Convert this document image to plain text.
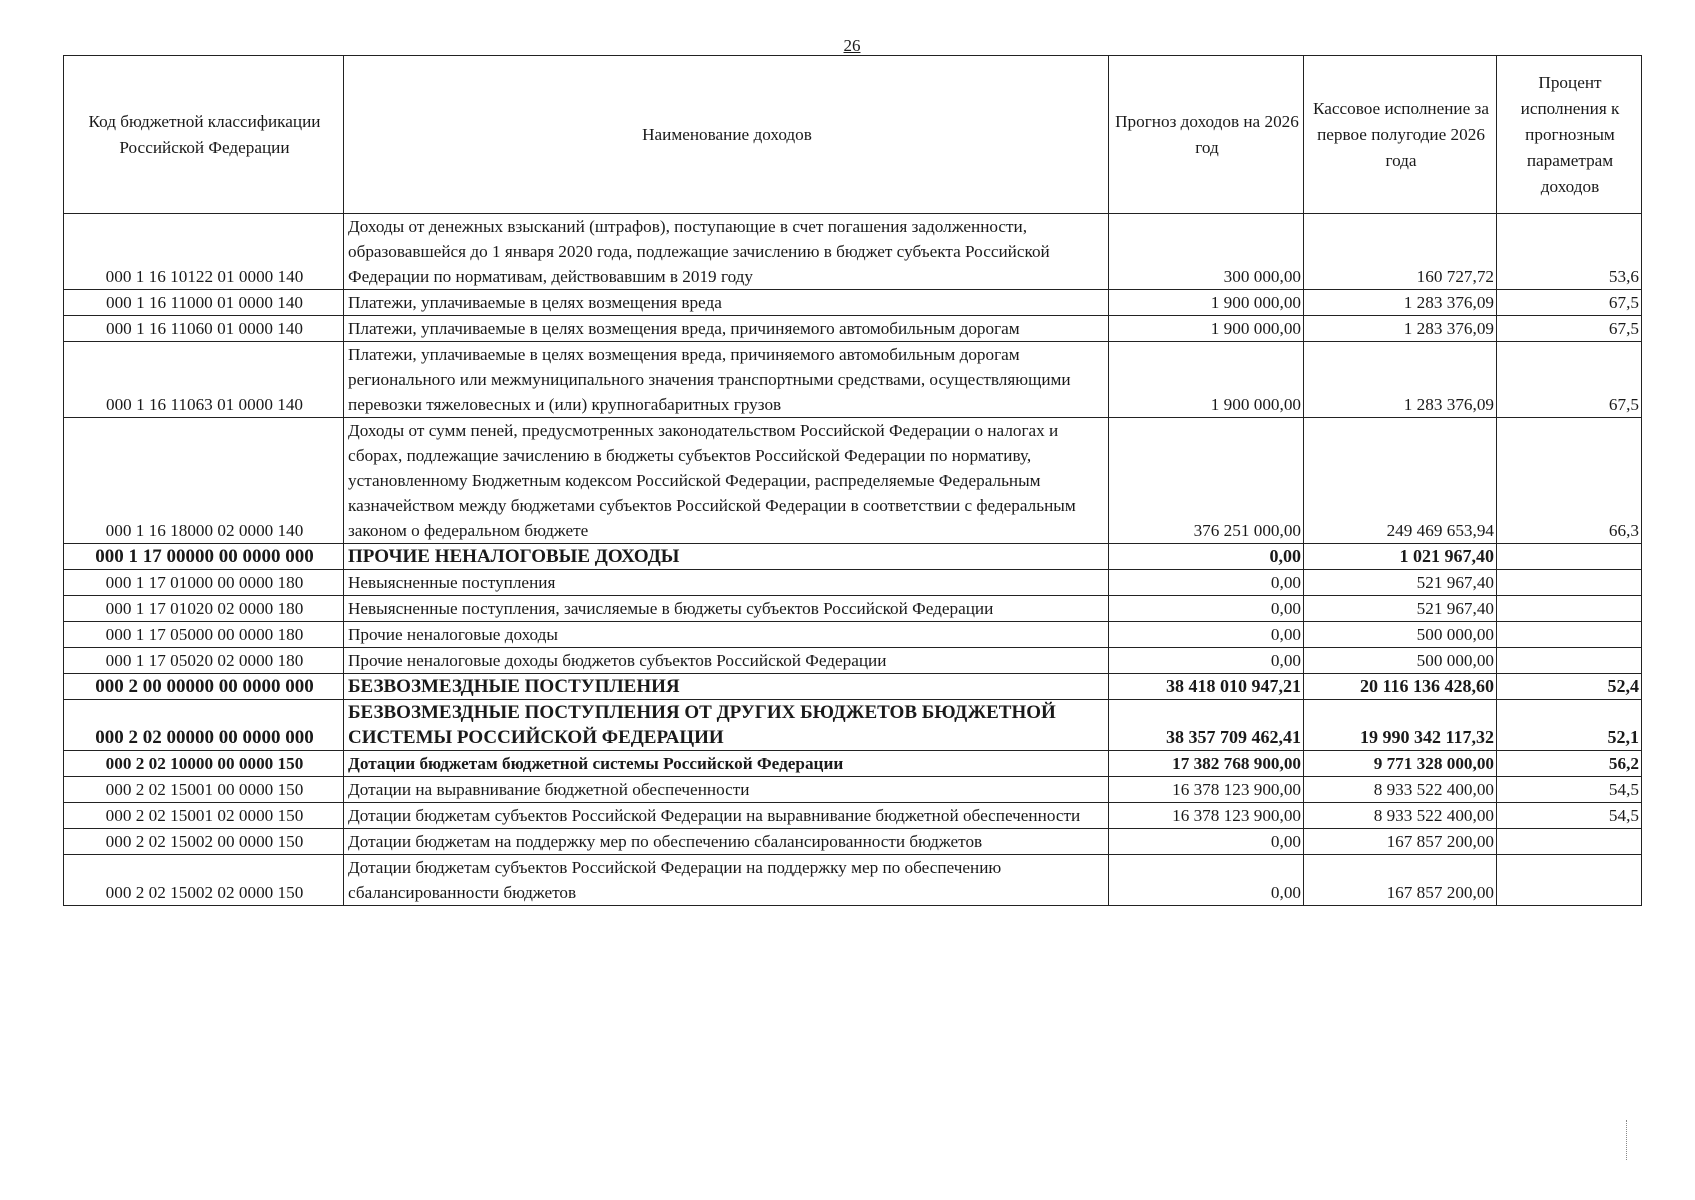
26
Код бюджетной классификации Российской Федерации	Наименование доходов	Прогноз доходов на 2026 год	Кассовое исполнение за первое полугодие 2026 года	Процент исполнения к прогнозным параметрам доходов
000 1 16 10122 01 0000 140	Доходы от денежных взысканий (штрафов), поступающие в счет погашения задолженности, образовавшейся до 1 января 2020 года, подлежащие зачислению в бюджет субъекта Российской Федерации по нормативам, действовавшим в 2019 году	300 000,00	160 727,72	53,6
000 1 16 11000 01 0000 140	Платежи, уплачиваемые в целях возмещения вреда	1 900 000,00	1 283 376,09	67,5
000 1 16 11060 01 0000 140	Платежи, уплачиваемые в целях возмещения вреда, причиняемого автомобильным дорогам	1 900 000,00	1 283 376,09	67,5
000 1 16 11063 01 0000 140	Платежи, уплачиваемые в целях возмещения вреда, причиняемого автомобильным дорогам регионального или межмуниципального значения транспортными средствами, осуществляющими перевозки тяжеловесных и (или) крупногабаритных грузов	1 900 000,00	1 283 376,09	67,5
000 1 16 18000 02 0000 140	Доходы от сумм пеней, предусмотренных законодательством Российской Федерации о налогах и сборах, подлежащие зачислению в бюджеты субъектов Российской Федерации по нормативу, установленному Бюджетным кодексом Российской Федерации, распределяемые Федеральным казначейством между бюджетами субъектов Российской Федерации в соответствии с федеральным законом о федеральном бюджете	376 251 000,00	249 469 653,94	66,3
000 1 17 00000 00 0000 000	ПРОЧИЕ НЕНАЛОГОВЫЕ ДОХОДЫ	0,00	1 021 967,40	
000 1 17 01000 00 0000 180	Невыясненные поступления	0,00	521 967,40	
000 1 17 01020 02 0000 180	Невыясненные поступления, зачисляемые в бюджеты субъектов Российской Федерации	0,00	521 967,40	
000 1 17 05000 00 0000 180	Прочие неналоговые доходы	0,00	500 000,00	
000 1 17 05020 02 0000 180	Прочие неналоговые доходы бюджетов субъектов Российской Федерации	0,00	500 000,00	
000 2 00 00000 00 0000 000	БЕЗВОЗМЕЗДНЫЕ ПОСТУПЛЕНИЯ	38 418 010 947,21	20 116 136 428,60	52,4
000 2 02 00000 00 0000 000	БЕЗВОЗМЕЗДНЫЕ ПОСТУПЛЕНИЯ ОТ ДРУГИХ БЮДЖЕТОВ БЮДЖЕТНОЙ СИСТЕМЫ РОССИЙСКОЙ ФЕДЕРАЦИИ	38 357 709 462,41	19 990 342 117,32	52,1
000 2 02 10000 00 0000 150	Дотации бюджетам бюджетной системы Российской Федерации	17 382 768 900,00	9 771 328 000,00	56,2
000 2 02 15001 00 0000 150	Дотации на выравнивание бюджетной обеспеченности	16 378 123 900,00	8 933 522 400,00	54,5
000 2 02 15001 02 0000 150	Дотации бюджетам субъектов Российской Федерации на выравнивание бюджетной обеспеченности	16 378 123 900,00	8 933 522 400,00	54,5
000 2 02 15002 00 0000 150	Дотации бюджетам на поддержку мер по обеспечению сбалансированности бюджетов	0,00	167 857 200,00	
000 2 02 15002 02 0000 150	Дотации бюджетам субъектов Российской Федерации на поддержку мер по обеспечению сбалансированности бюджетов	0,00	167 857 200,00	
